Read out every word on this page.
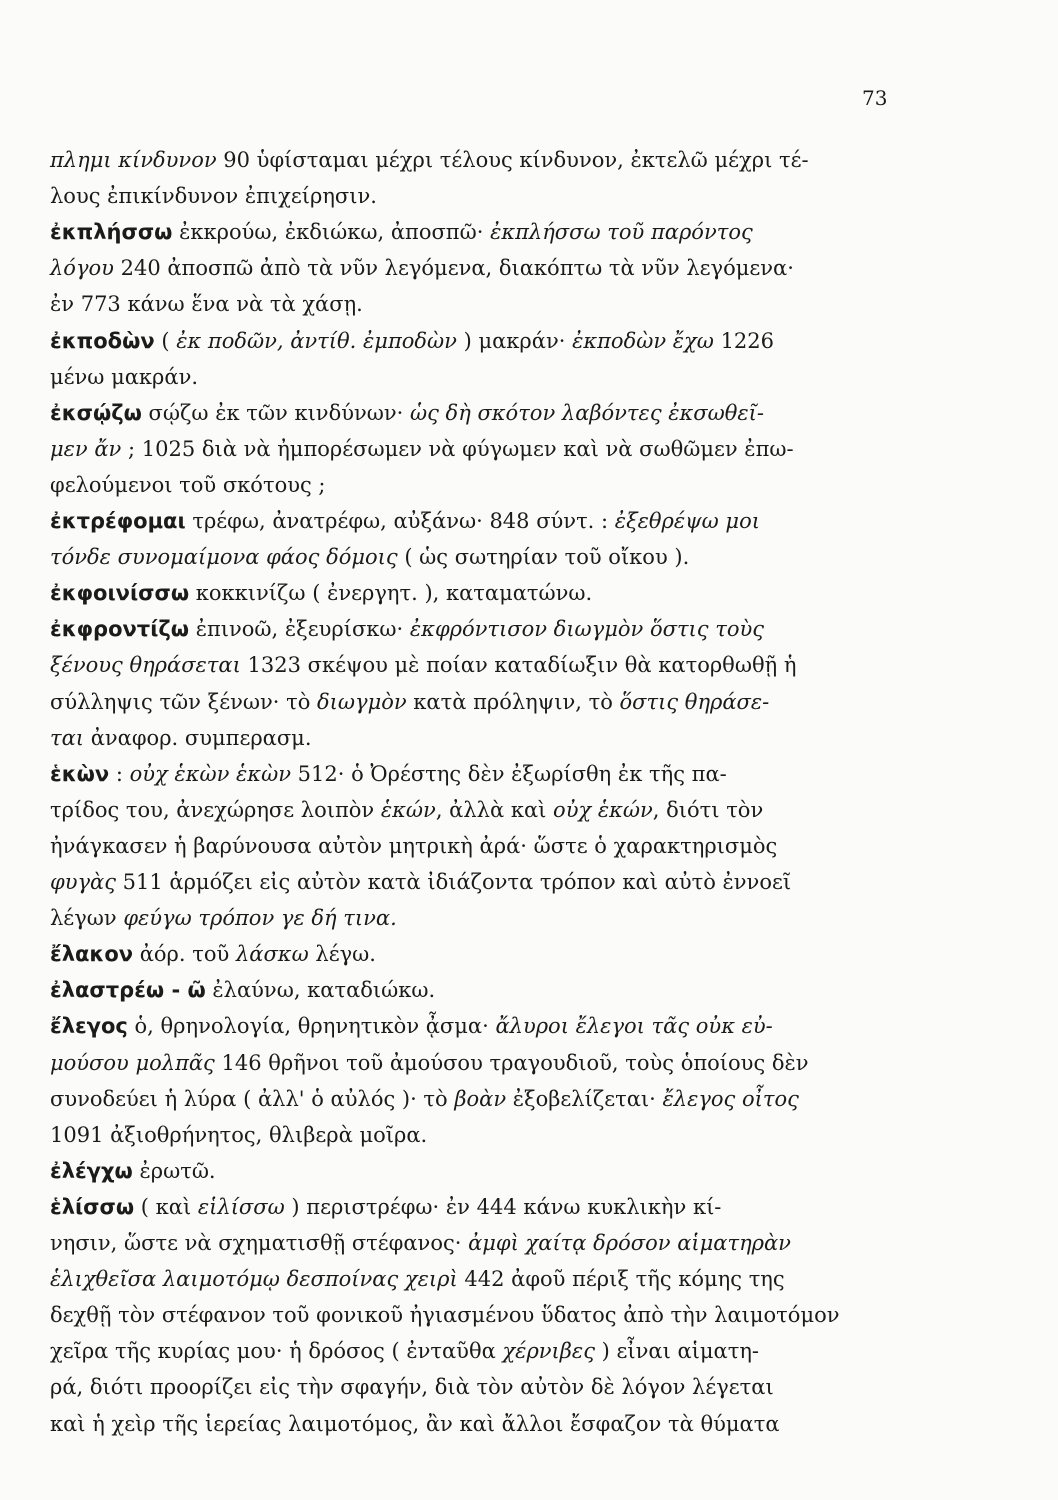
73
πλημι κίνδυνον 90 ὑφίσταμαι μέχρι τέλους κίνδυνον, ἐκτελῶ μέχρι τέ-
λους ἐπικίνδυνον ἐπιχείρησιν.
ἐκπλήσσω ἐκκρούω, ἐκδιώκω, ἀποσπῶ· ἐκπλήσσω τοῦ παρόντος
λόγου 240 ἀποσπῶ ἀπὸ τὰ νῦν λεγόμενα, διακόπτω τὰ νῦν λεγόμενα·
ἐν 773 κάνω ἕνα νὰ τὰ χάσῃ.
ἐκποδὼν ( ἐκ ποδῶν, ἀντίθ. ἐμποδὼν ) μακράν· ἐκποδὼν ἔχω 1226
μένω μακράν.
ἐκσῴζω σῴζω ἐκ τῶν κινδύνων· ὡς δὴ σκότον λαβόντες ἐκσωθεῖ-
μεν ἄν ; 1025 διὰ νὰ ἠμπορέσωμεν νὰ φύγωμεν καὶ νὰ σωθῶμεν ἐπω-
φελούμενοι τοῦ σκότους ;
ἐκτρέφομαι τρέφω, ἀνατρέφω, αὐξάνω· 848 σύντ. : ἐξεθρέψω μοι
τόνδε συνομαίμονα φάος δόμοις ( ὡς σωτηρίαν τοῦ οἴκου ).
ἐκφοινίσσω κοκκινίζω ( ἐνεργητ. ), καταματώνω.
ἐκφροντίζω ἐπινοῶ, ἐξευρίσκω· ἐκφρόντισον διωγμὸν ὅστις τοὺς
ξένους θηράσεται 1323 σκέψου μὲ ποίαν καταδίωξιν θὰ κατορθωθῇ ἡ
σύλληψις τῶν ξένων· τὸ διωγμὸν κατὰ πρόληψιν, τὸ ὅστις θηράσε-
ται ἀναφορ. συμπερασμ.
ἑκὼν : οὐχ ἑκὼν ἑκὼν 512· ὁ Ὀρέστης δὲν ἐξωρίσθη ἐκ τῆς πα-
τρίδος του, ἀνεχώρησε λοιπὸν ἑκών, ἀλλὰ καὶ οὐχ ἑκών, διότι τὸν
ἠνάγκασεν ἡ βαρύνουσα αὐτὸν μητρικὴ ἀρά· ὥστε ὁ χαρακτηρισμὸς
φυγὰς 511 ἁρμόζει εἰς αὐτὸν κατὰ ἰδιάζοντα τρόπον καὶ αὐτὸ ἐννοεῖ
λέγων φεύγω τρόπον γε δή τινα.
ἔλακον ἀόρ. τοῦ λάσκω λέγω.
ἐλαστρέω - ῶ ἐλαύνω, καταδιώκω.
ἔλεγος ὁ, θρηνολογία, θρηνητικὸν ᾆσμα· ἄλυροι ἔλεγοι τᾶς οὐκ εὐ-
μούσου μολπᾶς 146 θρῆνοι τοῦ ἀμούσου τραγουδιοῦ, τοὺς ὁποίους δὲν
συνοδεύει ἡ λύρα ( ἀλλ' ὁ αὐλός )· τὸ βοὰν ἐξοβελίζεται· ἔλεγος οἶτος
1091 ἀξιοθρήνητος, θλιβερὰ μοῖρα.
ἐλέγχω ἐρωτῶ.
ἑλίσσω ( καὶ εἱλίσσω ) περιστρέφω· ἐν 444 κάνω κυκλικὴν κί-
νησιν, ὥστε νὰ σχηματισθῇ στέφανος· ἀμφὶ χαίτᾳ δρόσον αἱματηρὰν
ἑλιχθεῖσα λαιμοτόμῳ δεσποίνας χειρὶ 442 ἀφοῦ πέριξ τῆς κόμης της
δεχθῇ τὸν στέφανον τοῦ φονικοῦ ἠγιασμένου ὕδατος ἀπὸ τὴν λαιμοτόμον
χεῖρα τῆς κυρίας μου· ἡ δρόσος ( ἐνταῦθα χέρνιβες ) εἶναι αἱματη-
ρά, διότι προορίζει εἰς τὴν σφαγήν, διὰ τὸν αὐτὸν δὲ λόγον λέγεται
καὶ ἡ χεὶρ τῆς ἱερείας λαιμοτόμος, ἂν καὶ ἄλλοι ἔσφαζον τὰ θύματα
